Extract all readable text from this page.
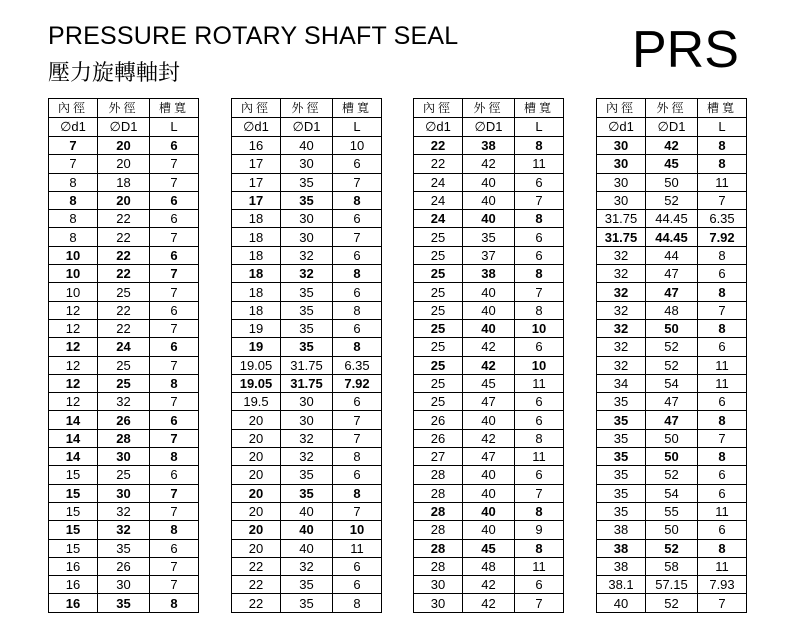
PRESSURE ROTARY SHAFT SEAL
壓力旋轉軸封	PRS
內徑	外徑	槽寬
∅d1	∅D1	L
7	20	6
7	20	7
8	18	7
8	20	6
8	22	6
8	22	7
10	22	6
10	22	7
10	25	7
12	22	6
12	22	7
12	24	6
12	25	7
12	25	8
12	32	7
14	26	6
14	28	7
14	30	8
15	25	6
15	30	7
15	32	7
15	32	8
15	35	6
16	26	7
16	30	7
16	35	8
內徑	外徑	槽寬
∅d1	∅D1	L
16	40	10
17	30	6
17	35	7
17	35	8
18	30	6
18	30	7
18	32	6
18	32	8
18	35	6
18	35	8
19	35	6
19	35	8
19.05	31.75	6.35
19.05	31.75	7.92
19.5	30	6
20	30	7
20	32	7
20	32	8
20	35	6
20	35	8
20	40	7
20	40	10
20	40	11
22	32	6
22	35	6
22	35	8
內徑	外徑	槽寬
∅d1	∅D1	L
22	38	8
22	42	11
24	40	6
24	40	7
24	40	8
25	35	6
25	37	6
25	38	8
25	40	7
25	40	8
25	40	10
25	42	6
25	42	10
25	45	11
25	47	6
26	40	6
26	42	8
27	47	11
28	40	6
28	40	7
28	40	8
28	40	9
28	45	8
28	48	11
30	42	6
30	42	7
內徑	外徑	槽寬
∅d1	∅D1	L
30	42	8
30	45	8
30	50	11
30	52	7
31.75	44.45	6.35
31.75	44.45	7.92
32	44	8
32	47	6
32	47	8
32	48	7
32	50	8
32	52	6
32	52	11
34	54	11
35	47	6
35	47	8
35	50	7
35	50	8
35	52	6
35	54	6
35	55	11
38	50	6
38	52	8
38	58	11
38.1	57.15	7.93
40	52	7
